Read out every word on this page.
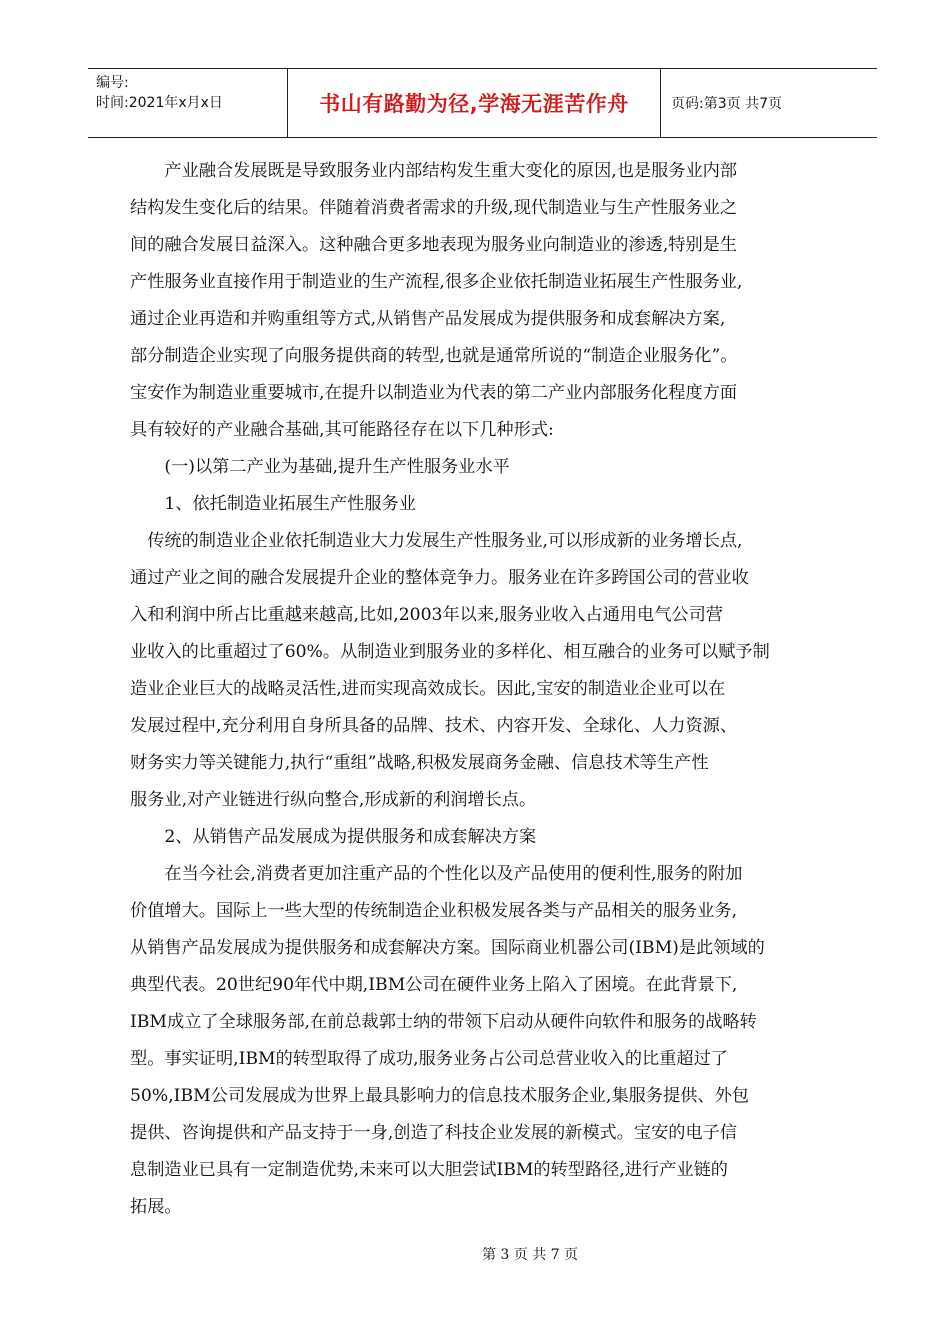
编号:
时间:2021年x月x日	书山有路勤为径,学海无涯苦作舟	页码:第3页 共7页
　　产业融合发展既是导致服务业内部结构发生重大变化的原因,也是服务业内部
结构发生变化后的结果。伴随着消费者需求的升级,现代制造业与生产性服务业之
间的融合发展日益深入。这种融合更多地表现为服务业向制造业的渗透,特别是生
产性服务业直接作用于制造业的生产流程,很多企业依托制造业拓展生产性服务业,
通过企业再造和并购重组等方式,从销售产品发展成为提供服务和成套解决方案,
部分制造企业实现了向服务提供商的转型,也就是通常所说的“制造企业服务化”。
宝安作为制造业重要城市,在提升以制造业为代表的第二产业内部服务化程度方面
具有较好的产业融合基础,其可能路径存在以下几种形式:
　　(一)以第二产业为基础,提升生产性服务业水平
　　1、依托制造业拓展生产性服务业
　传统的制造业企业依托制造业大力发展生产性服务业,可以形成新的业务增长点,
通过产业之间的融合发展提升企业的整体竞争力。服务业在许多跨国公司的营业收
入和利润中所占比重越来越高,比如,2003年以来,服务业收入占通用电气公司营
业收入的比重超过了60%。从制造业到服务业的多样化、相互融合的业务可以赋予制
造业企业巨大的战略灵活性,进而实现高效成长。因此,宝安的制造业企业可以在
发展过程中,充分利用自身所具备的品牌、技术、内容开发、全球化、人力资源、
财务实力等关键能力,执行“重组”战略,积极发展商务金融、信息技术等生产性
服务业,对产业链进行纵向整合,形成新的利润增长点。
　　2、从销售产品发展成为提供服务和成套解决方案
　　在当今社会,消费者更加注重产品的个性化以及产品使用的便利性,服务的附加
价值增大。国际上一些大型的传统制造企业积极发展各类与产品相关的服务业务,
从销售产品发展成为提供服务和成套解决方案。国际商业机器公司(IBM)是此领域的
典型代表。20世纪90年代中期,IBM公司在硬件业务上陷入了困境。在此背景下,
IBM成立了全球服务部,在前总裁郭士纳的带领下启动从硬件向软件和服务的战略转
型。事实证明,IBM的转型取得了成功,服务业务占公司总营业收入的比重超过了
50%,IBM公司发展成为世界上最具影响力的信息技术服务企业,集服务提供、外包
提供、咨询提供和产品支持于一身,创造了科技企业发展的新模式。宝安的电子信
息制造业已具有一定制造优势,未来可以大胆尝试IBM的转型路径,进行产业链的
拓展。
第 3 页 共 7 页
